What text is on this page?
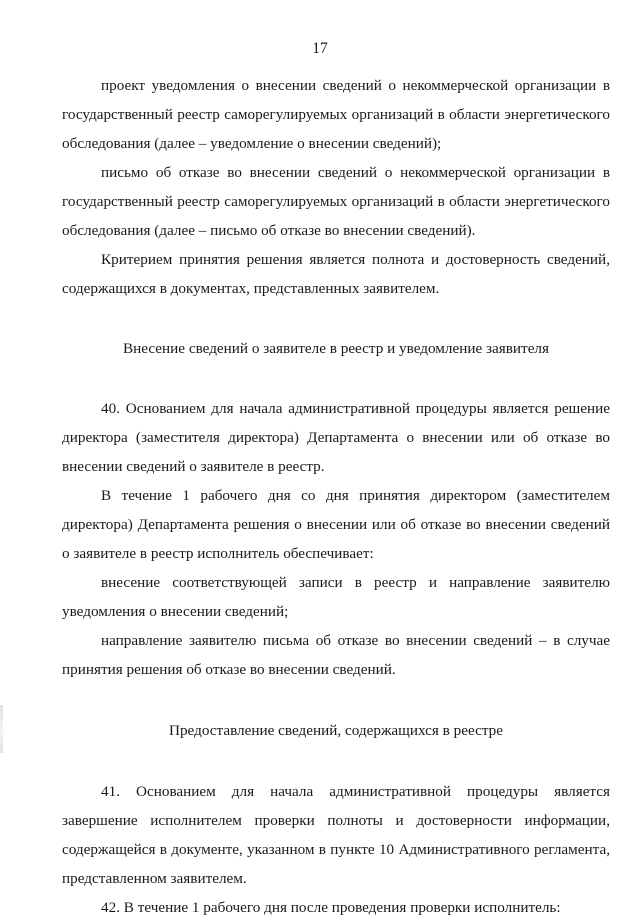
17

проект уведомления о внесении сведений о некоммерческой организации в государственный реестр саморегулируемых организаций в области энергетического обследования (далее – уведомление о внесении сведений);

письмо об отказе во внесении сведений о некоммерческой организации в государственный реестр саморегулируемых организаций в области энергетического обследования (далее – письмо об отказе во внесении сведений).

Критерием принятия решения является полнота и достоверность сведений, содержащихся в документах, представленных заявителем.

Внесение сведений о заявителе в реестр и уведомление заявителя

40. Основанием для начала административной процедуры является решение директора (заместителя директора) Департамента о внесении или об отказе во внесении сведений о заявителе в реестр.

В течение 1 рабочего дня со дня принятия директором (заместителем директора) Департамента решения о внесении или об отказе во внесении сведений о заявителе в реестр исполнитель обеспечивает:

внесение соответствующей записи в реестр и направление заявителю уведомления о внесении сведений;

направление заявителю письма об отказе во внесении сведений – в случае принятия решения об отказе во внесении сведений.

Предоставление сведений, содержащихся в реестре

41. Основанием для начала административной процедуры является завершение исполнителем проверки полноты и достоверности информации, содержащейся в документе, указанном в пункте 10 Административного регламента, представленном заявителем.

42. В течение 1 рабочего дня после проведения проверки исполнитель:
